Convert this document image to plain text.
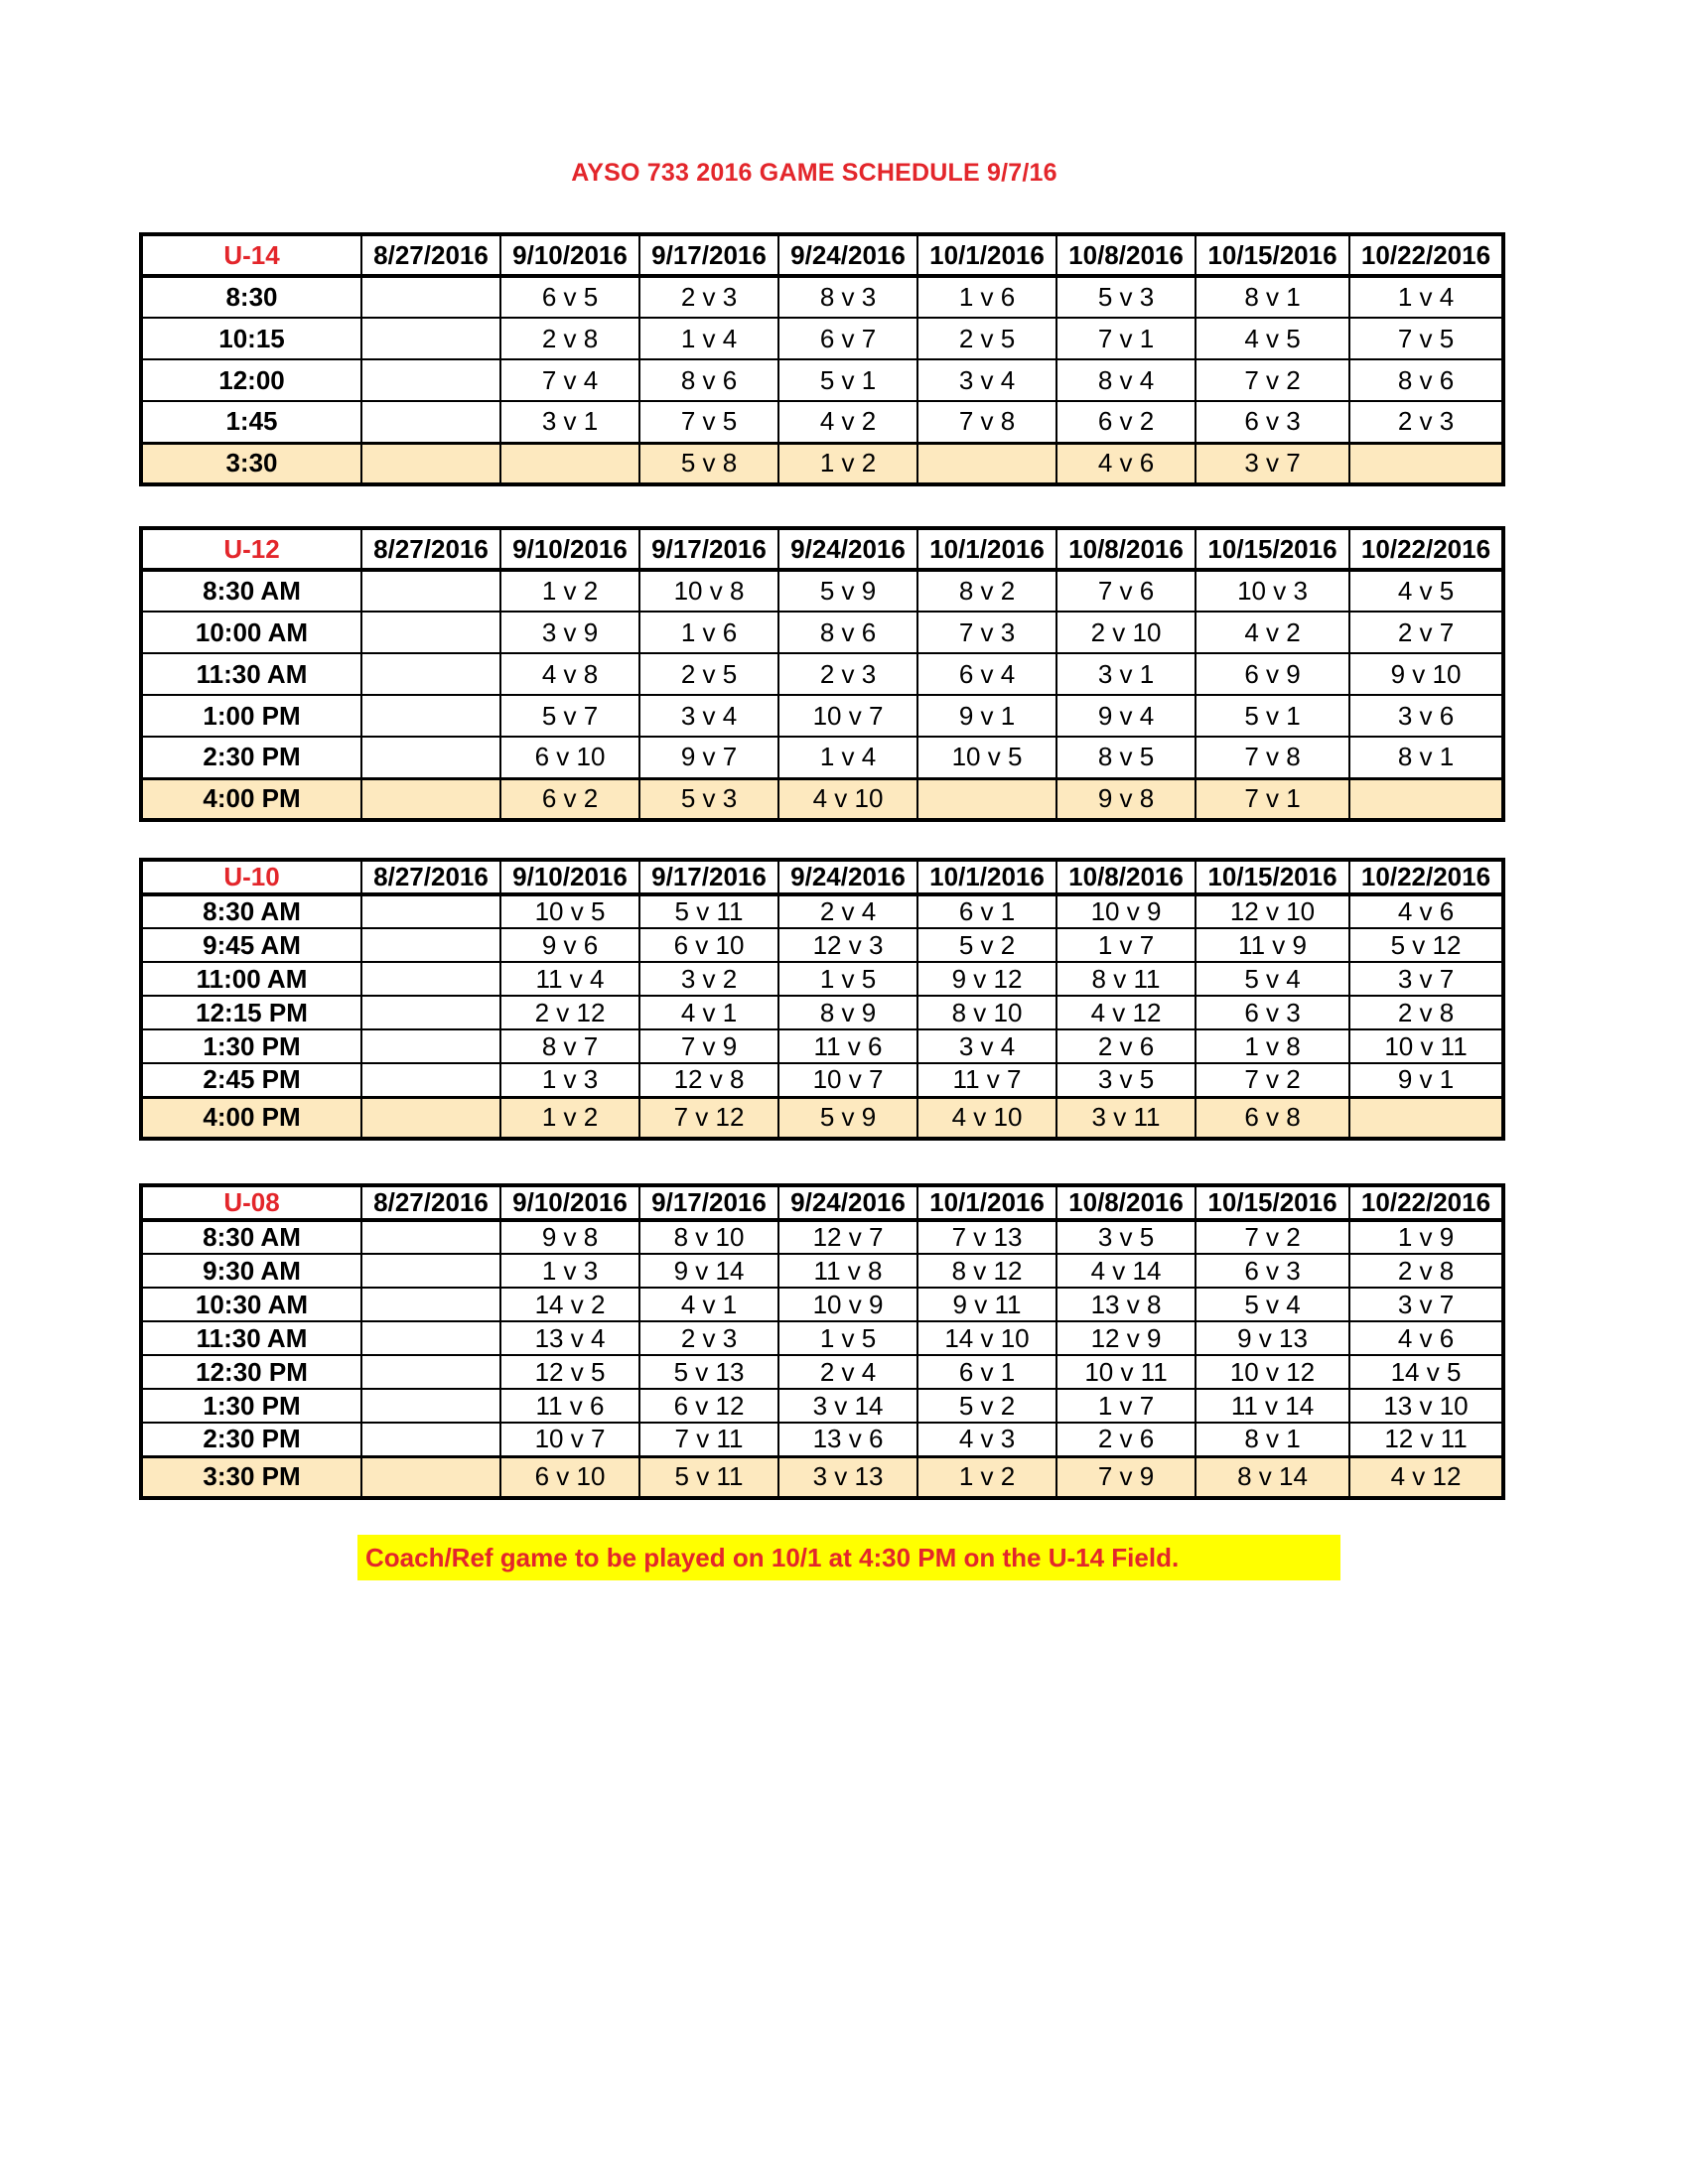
AYSO 733 2016 GAME SCHEDULE 9/7/16
U-14	8/27/2016	9/10/2016	9/17/2016	9/24/2016	10/1/2016	10/8/2016	10/15/2016	10/22/2016
8:30		6 v 5	2 v 3	8 v 3	1 v 6	5 v 3	8 v 1	1 v 4
10:15		2 v 8	1 v 4	6 v 7	2 v 5	7 v 1	4 v 5	7 v 5
12:00		7 v 4	8 v 6	5 v 1	3 v 4	8 v 4	7 v 2	8 v 6
1:45		3 v 1	7 v 5	4 v 2	7 v 8	6 v 2	6 v 3	2 v 3
3:30			5 v 8	1 v 2		4 v 6	3 v 7	
U-12	8/27/2016	9/10/2016	9/17/2016	9/24/2016	10/1/2016	10/8/2016	10/15/2016	10/22/2016
8:30 AM		1 v 2	10 v 8	5 v 9	8 v 2	7 v 6	10 v 3	4 v 5
10:00 AM		3 v 9	1 v 6	8 v 6	7 v 3	2 v 10	4 v 2	2 v 7
11:30 AM		4 v 8	2 v 5	2 v 3	6 v 4	3 v 1	6 v 9	9 v 10
1:00 PM		5 v 7	3 v 4	10 v 7	9 v 1	9 v 4	5 v 1	3 v 6
2:30 PM		6 v 10	9 v 7	1 v 4	10 v 5	8 v 5	7 v 8	8 v 1
4:00 PM		6 v 2	5 v 3	4 v 10		9 v 8	7 v 1	
U-10	8/27/2016	9/10/2016	9/17/2016	9/24/2016	10/1/2016	10/8/2016	10/15/2016	10/22/2016
8:30 AM		10 v 5	5 v 11	2 v 4	6 v 1	10 v 9	12 v 10	4 v 6
9:45 AM		9 v 6	6 v 10	12 v 3	5 v 2	1 v 7	11 v 9	5 v 12
11:00 AM		11 v 4	3 v 2	1 v 5	9 v 12	8 v 11	5 v 4	3 v 7
12:15 PM		2 v 12	4 v 1	8 v 9	8 v 10	4 v 12	6 v 3	2 v 8
1:30 PM		8 v 7	7 v 9	11 v 6	3 v 4	2 v 6	1 v 8	10 v 11
2:45 PM		1 v 3	12 v 8	10 v 7	11 v 7	3 v 5	7 v 2	9 v 1
4:00 PM		1 v 2	7 v 12	5 v 9	4 v 10	3 v 11	6 v 8	
U-08	8/27/2016	9/10/2016	9/17/2016	9/24/2016	10/1/2016	10/8/2016	10/15/2016	10/22/2016
8:30 AM		9 v 8	8 v 10	12 v 7	7 v 13	3 v 5	7 v 2	1 v 9
9:30 AM		1 v 3	9 v 14	11 v 8	8 v 12	4 v 14	6 v 3	2 v 8
10:30 AM		14 v 2	4 v 1	10 v 9	9 v 11	13 v 8	5 v 4	3 v 7
11:30 AM		13 v 4	2 v 3	1 v 5	14 v 10	12 v 9	9 v 13	4 v 6
12:30 PM		12 v 5	5 v 13	2 v 4	6 v 1	10 v 11	10 v 12	14 v 5
1:30 PM		11 v 6	6 v 12	3 v 14	5 v 2	1 v 7	11 v 14	13 v 10
2:30 PM		10 v 7	7 v 11	13 v 6	4 v 3	2 v 6	8 v 1	12 v 11
3:30 PM		6 v 10	5 v 11	3 v 13	1 v 2	7 v 9	8 v 14	4 v 12
Coach/Ref game to be played on 10/1 at 4:30 PM on the U-14 Field.
